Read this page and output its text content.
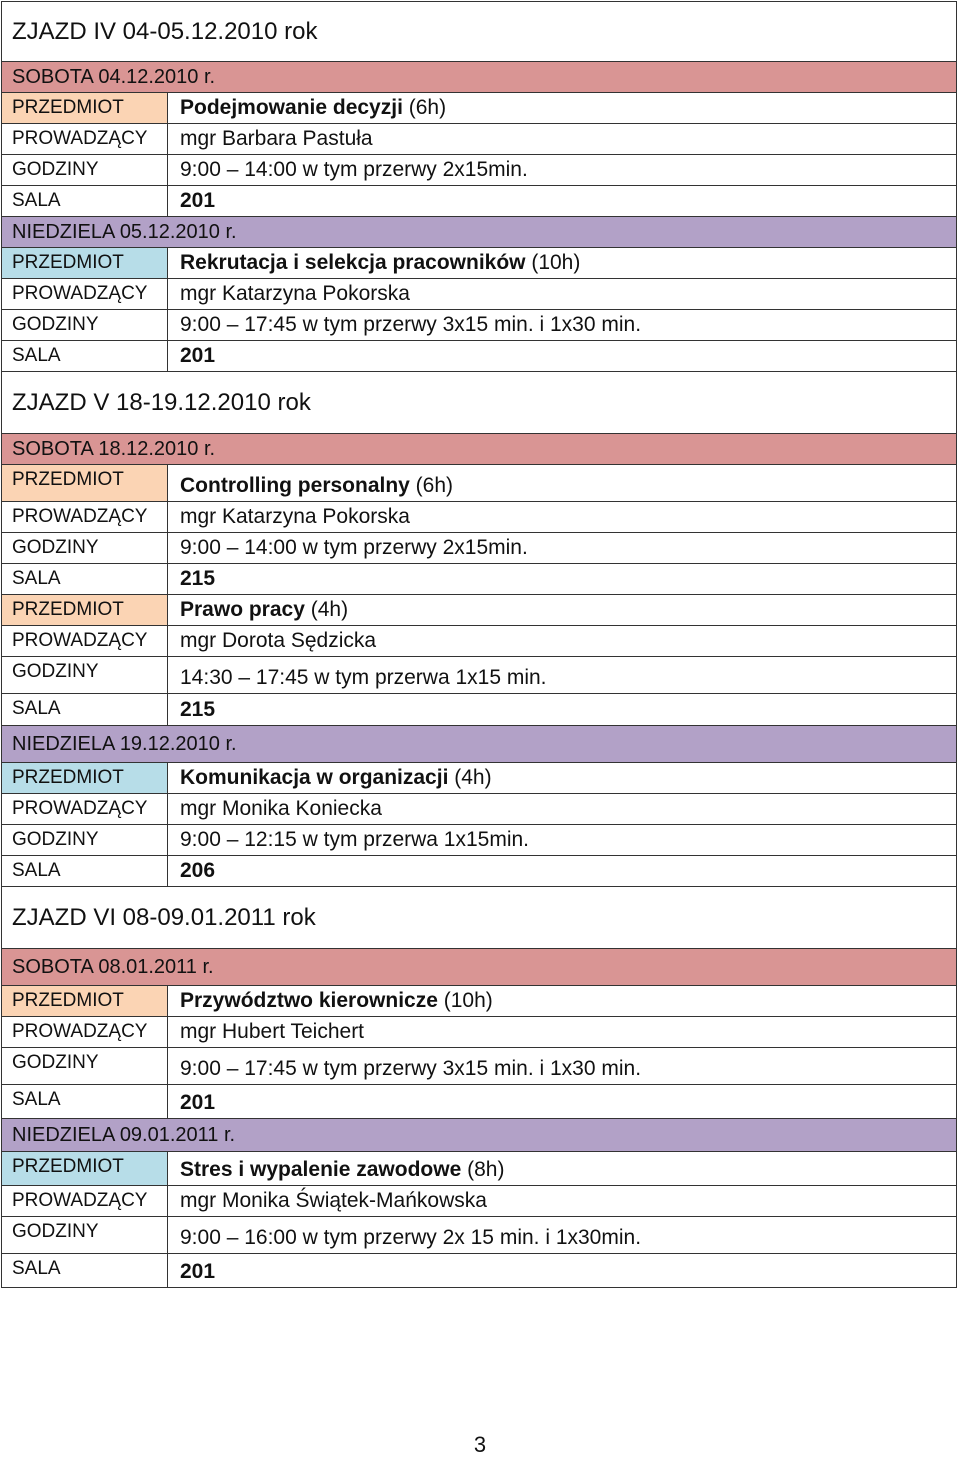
ZJAZD IV 04-05.12.2010 rok
SOBOTA 04.12.2010 r.
PRZEDMIOT	Podejmowanie decyzji (6h)
PROWADZĄCY	mgr Barbara Pastuła
GODZINY	9:00 – 14:00 w tym przerwy 2x15min.
SALA	201
NIEDZIELA 05.12.2010 r.
PRZEDMIOT	Rekrutacja i selekcja pracowników (10h)
PROWADZĄCY	mgr Katarzyna Pokorska
GODZINY	9:00 – 17:45 w tym przerwy 3x15 min. i 1x30 min.
SALA	201
ZJAZD V 18-19.12.2010 rok
SOBOTA 18.12.2010 r.
PRZEDMIOT	Controlling personalny (6h)
PROWADZĄCY	mgr Katarzyna Pokorska
GODZINY	9:00 – 14:00 w tym przerwy 2x15min.
SALA	215
PRZEDMIOT	Prawo pracy (4h)
PROWADZĄCY	mgr Dorota Sędzicka
GODZINY	14:30 – 17:45 w tym przerwa 1x15 min.
SALA	215
NIEDZIELA 19.12.2010 r.
PRZEDMIOT	Komunikacja w organizacji (4h)
PROWADZĄCY	mgr Monika Koniecka
GODZINY	9:00 – 12:15 w tym przerwa 1x15min.
SALA	206
ZJAZD VI 08-09.01.2011 rok
SOBOTA 08.01.2011 r.
PRZEDMIOT	Przywództwo kierownicze (10h)
PROWADZĄCY	mgr Hubert Teichert
GODZINY	9:00 – 17:45 w tym przerwy 3x15 min. i 1x30 min.
SALA	201
NIEDZIELA 09.01.2011 r.
PRZEDMIOT	Stres i wypalenie zawodowe (8h)
PROWADZĄCY	mgr Monika Świątek-Mańkowska
GODZINY	9:00 – 16:00 w tym przerwy 2x 15 min. i 1x30min.
SALA	201
3
